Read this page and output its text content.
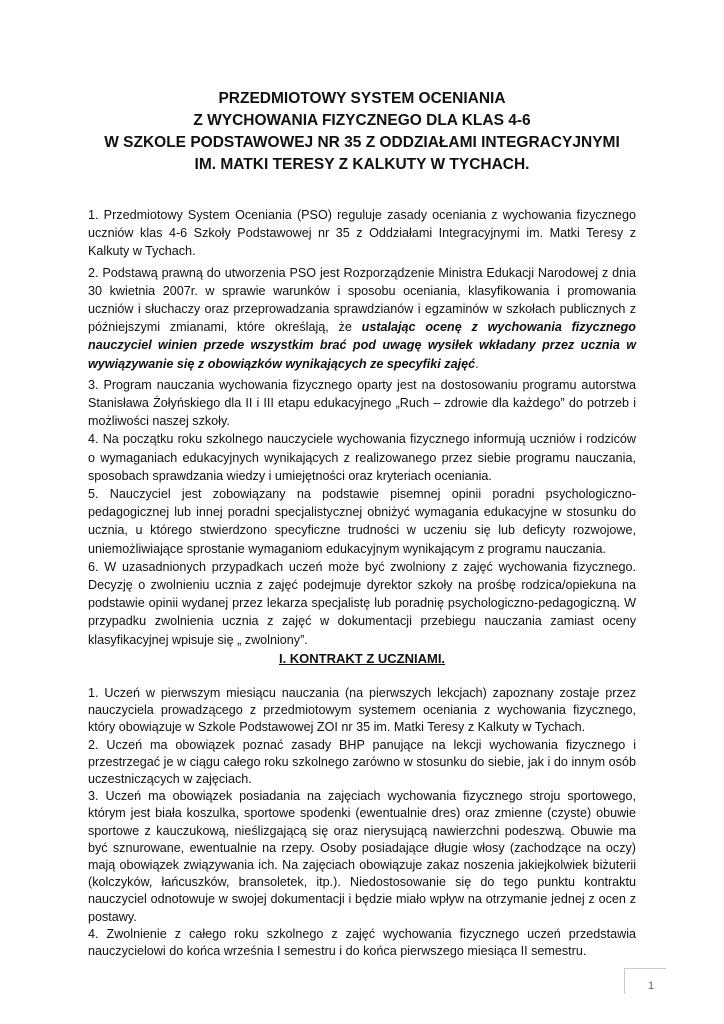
PRZEDMIOTOWY SYSTEM OCENIANIA
Z WYCHOWANIA FIZYCZNEGO DLA KLAS 4-6
W SZKOLE PODSTAWOWEJ NR 35 Z ODDZIAŁAMI INTEGRACYJNYMI
IM. MATKI TERESY Z KALKUTY W TYCHACH.

1. Przedmiotowy System Oceniania (PSO) reguluje zasady oceniania z wychowania fizycznego uczniów klas 4-6 Szkoły Podstawowej nr 35 z Oddziałami Integracyjnymi im. Matki Teresy z Kalkuty w Tychach.

2. Podstawą prawną do utworzenia PSO jest Rozporządzenie Ministra Edukacji Narodowej z dnia 30 kwietnia 2007r. w sprawie warunków i sposobu oceniania, klasyfikowania i promowania uczniów i słuchaczy oraz przeprowadzania sprawdzianów i egzaminów w szkołach publicznych z późniejszymi zmianami, które określają, że ustalając ocenę z wychowania fizycznego nauczyciel winien przede wszystkim brać pod uwagę wysiłek wkładany przez ucznia w wywiązywanie się z obowiązków wynikających ze specyfiki zajęć.

3. Program nauczania wychowania fizycznego oparty jest na dostosowaniu programu autorstwa Stanisława Żołyńskiego dla II i III etapu edukacyjnego „Ruch – zdrowie dla każdego” do potrzeb i możliwości naszej szkoły.

4. Na początku roku szkolnego nauczyciele wychowania fizycznego informują uczniów i rodziców o wymaganiach edukacyjnych wynikających z realizowanego przez siebie programu nauczania, sposobach sprawdzania wiedzy i umiejętności oraz kryteriach oceniania.

5. Nauczyciel jest zobowiązany na podstawie pisemnej opinii poradni psychologiczno-pedagogicznej lub innej poradni specjalistycznej obniżyć wymagania edukacyjne w stosunku do ucznia, u którego stwierdzono specyficzne trudności w uczeniu się lub deficyty rozwojowe, uniemożliwiające sprostanie wymaganiom edukacyjnym wynikającym z programu nauczania.

6. W uzasadnionych przypadkach uczeń może być zwolniony z zajęć wychowania fizycznego. Decyzję o zwolnieniu ucznia z zajęć podejmuje dyrektor szkoły na prośbę rodzica/opiekuna na podstawie opinii wydanej przez lekarza specjalistę lub poradnię psychologiczno-pedagogiczną. W przypadku zwolnienia ucznia z zajęć w dokumentacji przebiegu nauczania zamiast oceny klasyfikacyjnej wpisuje się „ zwolniony”.

I. KONTRAKT Z UCZNIAMI.

1. Uczeń w pierwszym miesiącu nauczania (na pierwszych lekcjach) zapoznany zostaje przez nauczyciela prowadzącego z przedmiotowym systemem oceniania z wychowania fizycznego, który obowiązuje w Szkole Podstawowej ZOI nr 35 im. Matki Teresy z Kalkuty w Tychach.

2. Uczeń ma obowiązek poznać zasady BHP panujące na lekcji wychowania fizycznego i przestrzegać je w ciągu całego roku szkolnego zarówno w stosunku do siebie, jak i do innym osób uczestniczących w zajęciach.

3. Uczeń ma obowiązek posiadania na zajęciach wychowania fizycznego stroju sportowego, którym jest biała koszulka, sportowe spodenki (ewentualnie dres) oraz zmienne (czyste) obuwie sportowe z kauczukową, nieślizgającą się oraz nierysującą nawierzchni podeszwą. Obuwie ma być sznurowane, ewentualnie na rzepy. Osoby posiadające długie włosy (zachodzące na oczy) mają obowiązek związywania ich. Na zajęciach obowiązuje zakaz noszenia jakiejkolwiek biżuterii (kolczyków, łańcuszków, bransoletek, itp.). Niedostosowanie się do tego punktu kontraktu nauczyciel odnotowuje w swojej dokumentacji i będzie miało wpływ na otrzymanie jednej z ocen z postawy.

4. Zwolnienie z całego roku szkolnego z zajęć wychowania fizycznego uczeń przedstawia nauczycielowi do końca września I semestru i do końca pierwszego miesiąca II semestru.

1
